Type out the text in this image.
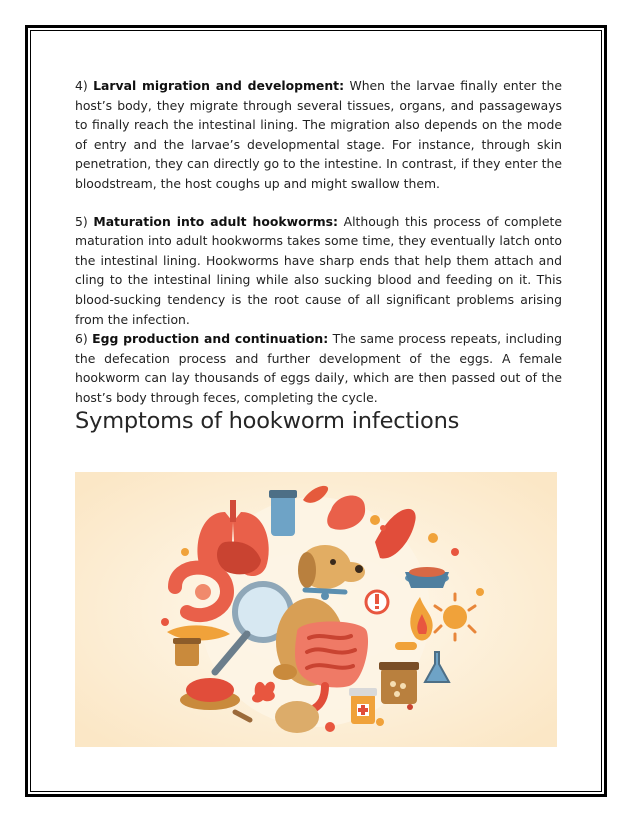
4) Larval migration and development: When the larvae finally enter the host’s body, they migrate through several tissues, organs, and passageways to finally reach the intestinal lining. The migration also depends on the mode of entry and the larvae’s developmental stage. For instance, through skin penetration, they can directly go to the intestine. In contrast, if they enter the bloodstream, the host coughs up and might swallow them.

5) Maturation into adult hookworms: Although this process of complete maturation into adult hookworms takes some time, they eventually latch onto the intestinal lining. Hookworms have sharp ends that help them attach and cling to the intestinal lining while also sucking blood and feeding on it. This blood-sucking tendency is the root cause of all significant problems arising from the infection.

6) Egg production and continuation: The same process repeats, including the defecation process and further development of the eggs. A female hookworm can lay thousands of eggs daily, which are then passed out of the host’s body through feces, completing the cycle.

Symptoms of hookworm infections
